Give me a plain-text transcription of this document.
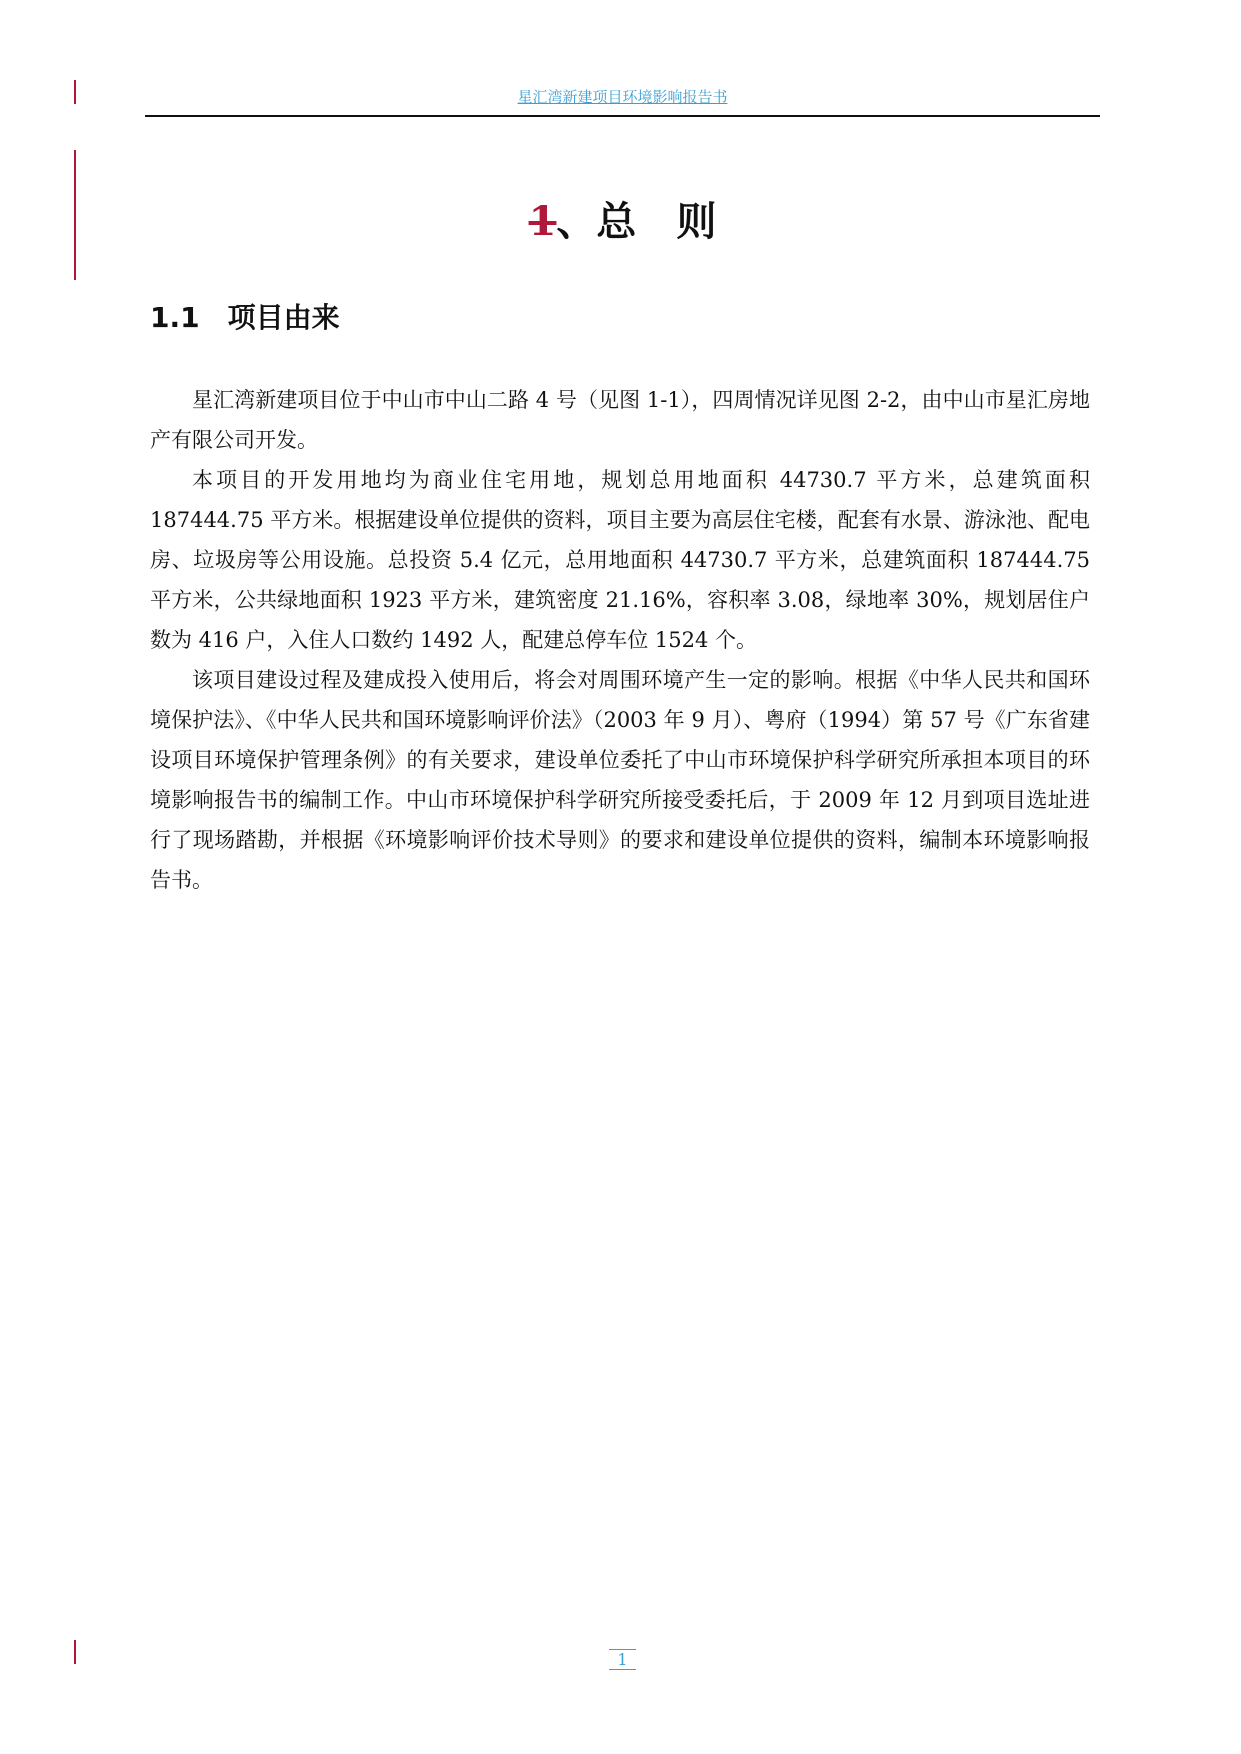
星汇湾新建项目环境影响报告书
1、总　则
1.1 项目由来

星汇湾新建项目位于中山市中山二路 4 号（见图 1-1），四周情况详见图 2-2，由中山市星汇房地产有限公司开发。

本项目的开发用地均为商业住宅用地，规划总用地面积 44730.7 平方米，总建筑面积 187444.75 平方米。根据建设单位提供的资料，项目主要为高层住宅楼，配套有水景、游泳池、配电房、垃圾房等公用设施。总投资 5.4 亿元，总用地面积 44730.7 平方米，总建筑面积 187444.75 平方米，公共绿地面积 1923 平方米，建筑密度 21.16%，容积率 3.08，绿地率 30%，规划居住户数为 416 户，入住人口数约 1492 人，配建总停车位 1524 个。

该项目建设过程及建成投入使用后，将会对周围环境产生一定的影响。根据《中华人民共和国环境保护法》、《中华人民共和国环境影响评价法》（2003 年 9 月）、粤府（1994）第 57 号《广东省建设项目环境保护管理条例》的有关要求，建设单位委托了中山市环境保护科学研究所承担本项目的环境影响报告书的编制工作。中山市环境保护科学研究所接受委托后，于 2009 年 12 月到项目选址进行了现场踏勘，并根据《环境影响评价技术导则》的要求和建设单位提供的资料，编制本环境影响报告书。

1
